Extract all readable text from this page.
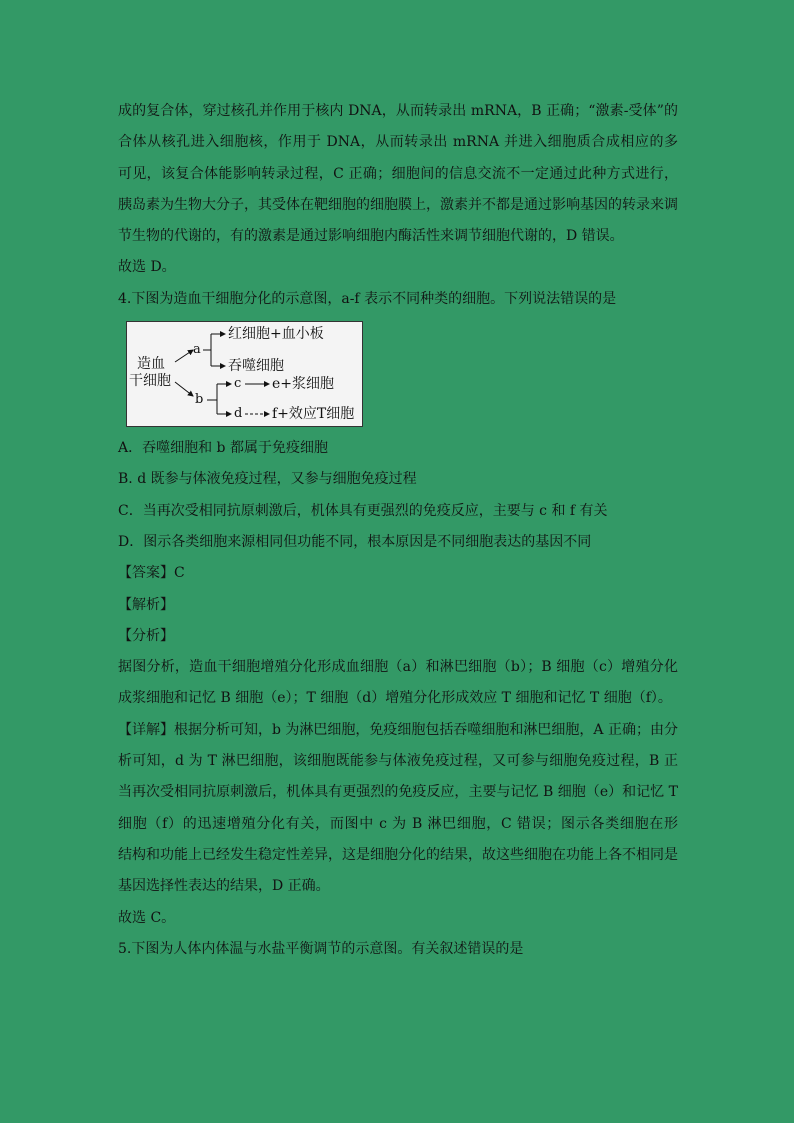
成的复合体，穿过核孔并作用于核内 DNA，从而转录出 mRNA，B 正确；“激素-受体”的
合体从核孔进入细胞核，作用于 DNA，从而转录出 mRNA 并进入细胞质合成相应的多
可见，该复合体能影响转录过程，C 正确；细胞间的信息交流不一定通过此种方式进行，
胰岛素为生物大分子，其受体在靶细胞的细胞膜上，激素并不都是通过影响基因的转录来调
节生物的代谢的，有的激素是通过影响细胞内酶活性来调节细胞代谢的，D 错误。
故选 D。
4.下图为造血干细胞分化的示意图，a-f 表示不同种类的细胞。下列说法错误的是
造血
干细胞
a
b
红细胞+血小板
吞噬细胞
c e+浆细胞
d f+效应T细胞
A．吞噬细胞和 b 都属于免疫细胞
B. d 既参与体液免疫过程，又参与细胞免疫过程
C．当再次受相同抗原刺激后，机体具有更强烈的免疫反应，主要与 c 和 f 有关
D．图示各类细胞来源相同但功能不同，根本原因是不同细胞表达的基因不同
【答案】C
【解析】
【分析】
据图分析，造血干细胞增殖分化形成血细胞（a）和淋巴细胞（b）；B 细胞（c）增殖分化
成浆细胞和记忆 B 细胞（e）；T 细胞（d）增殖分化形成效应 T 细胞和记忆 T 细胞（f）。
【详解】根据分析可知，b 为淋巴细胞，免疫细胞包括吞噬细胞和淋巴细胞，A 正确；由分
析可知，d 为 T 淋巴细胞，该细胞既能参与体液免疫过程，又可参与细胞免疫过程，B 正
当再次受相同抗原刺激后，机体具有更强烈的免疫反应，主要与记忆 B 细胞（e）和记忆 T
细胞（f）的迅速增殖分化有关，而图中 c 为 B 淋巴细胞，C 错误；图示各类细胞在形
结构和功能上已经发生稳定性差异，这是细胞分化的结果，故这些细胞在功能上各不相同是
基因选择性表达的结果，D 正确。
故选 C。
5.下图为人体内体温与水盐平衡调节的示意图。有关叙述错误的是
